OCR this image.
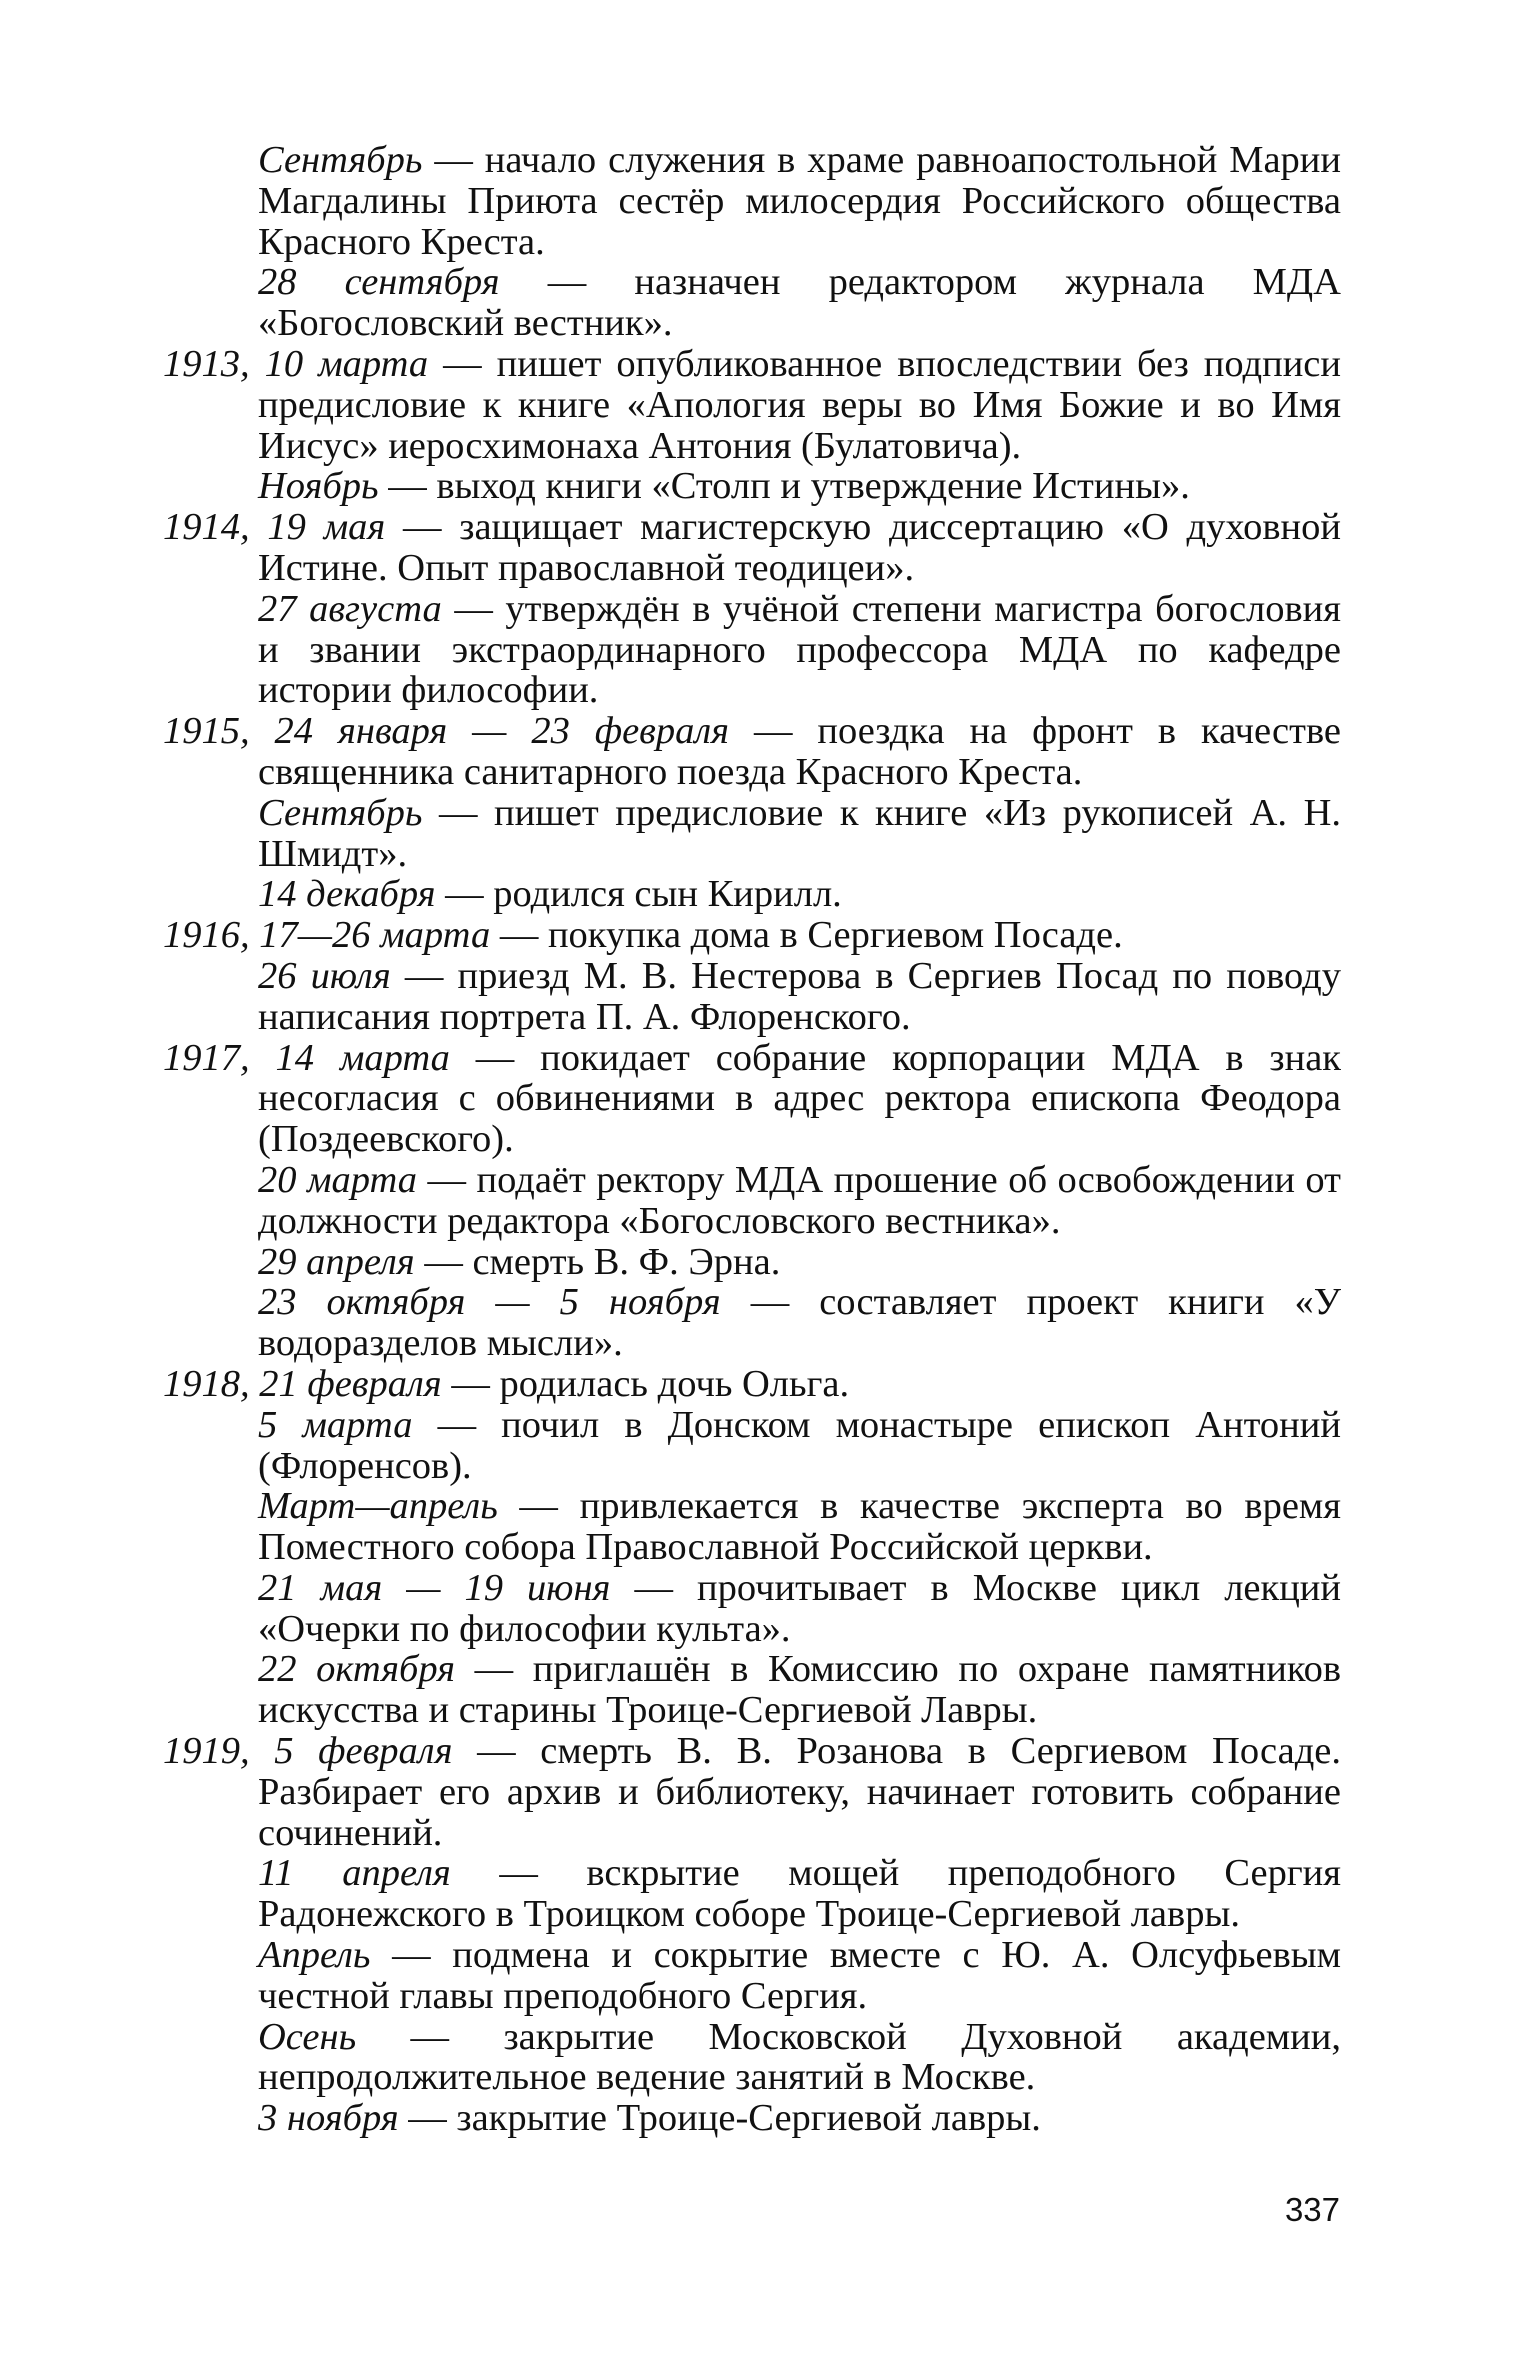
Сентябрь — начало служения в храме равноапостольной Марии Магдалины Приюта сестёр милосердия Российского общества Красного Креста.

28 сентября — назначен редактором журнала МДА «Богословский вестник».

1913, 10 марта — пишет опубликованное впоследствии без подписи предисловие к книге «Апология веры во Имя Божие и во Имя Иисус» иеросхимонаха Антония (Булатовича).

Ноябрь — выход книги «Столп и утверждение Истины».

1914, 19 мая — защищает магистерскую диссертацию «О духовной Истине. Опыт православной теодицеи».

27 августа — утверждён в учёной степени магистра богословия и звании экстраординарного профессора МДА по кафедре истории философии.

1915, 24 января — 23 февраля — поездка на фронт в качестве священника санитарного поезда Красного Креста.

Сентябрь — пишет предисловие к книге «Из рукописей А. Н. Шмидт».

14 декабря — родился сын Кирилл.

1916, 17—26 марта — покупка дома в Сергиевом Посаде.

26 июля — приезд М. В. Нестерова в Сергиев Посад по поводу написания портрета П. А. Флоренского.

1917, 14 марта — покидает собрание корпорации МДА в знак несогласия с обвинениями в адрес ректора епископа Феодора (Поздеевского).

20 марта — подаёт ректору МДА прошение об освобождении от должности редактора «Богословского вестника».

29 апреля — смерть В. Ф. Эрна.

23 октября — 5 ноября — составляет проект книги «У водоразделов мысли».

1918, 21 февраля — родилась дочь Ольга.

5 марта — почил в Донском монастыре епископ Антоний (Флоренсов).

Март—апрель — привлекается в качестве эксперта во время Поместного собора Православной Российской церкви.

21 мая — 19 июня — прочитывает в Москве цикл лекций «Очерки по философии культа».

22 октября — приглашён в Комиссию по охране памятников искусства и старины Троице-Сергиевой Лавры.

1919, 5 февраля — смерть В. В. Розанова в Сергиевом Посаде. Разбирает его архив и библиотеку, начинает готовить собрание сочинений.

11 апреля — вскрытие мощей преподобного Сергия Радонежского в Троицком соборе Троице-Сергиевой лавры.

Апрель — подмена и сокрытие вместе с Ю. А. Олсуфьевым честной главы преподобного Сергия.

Осень — закрытие Московской Духовной академии, непродолжительное ведение занятий в Москве.

3 ноября — закрытие Троице-Сергиевой лавры.

337
